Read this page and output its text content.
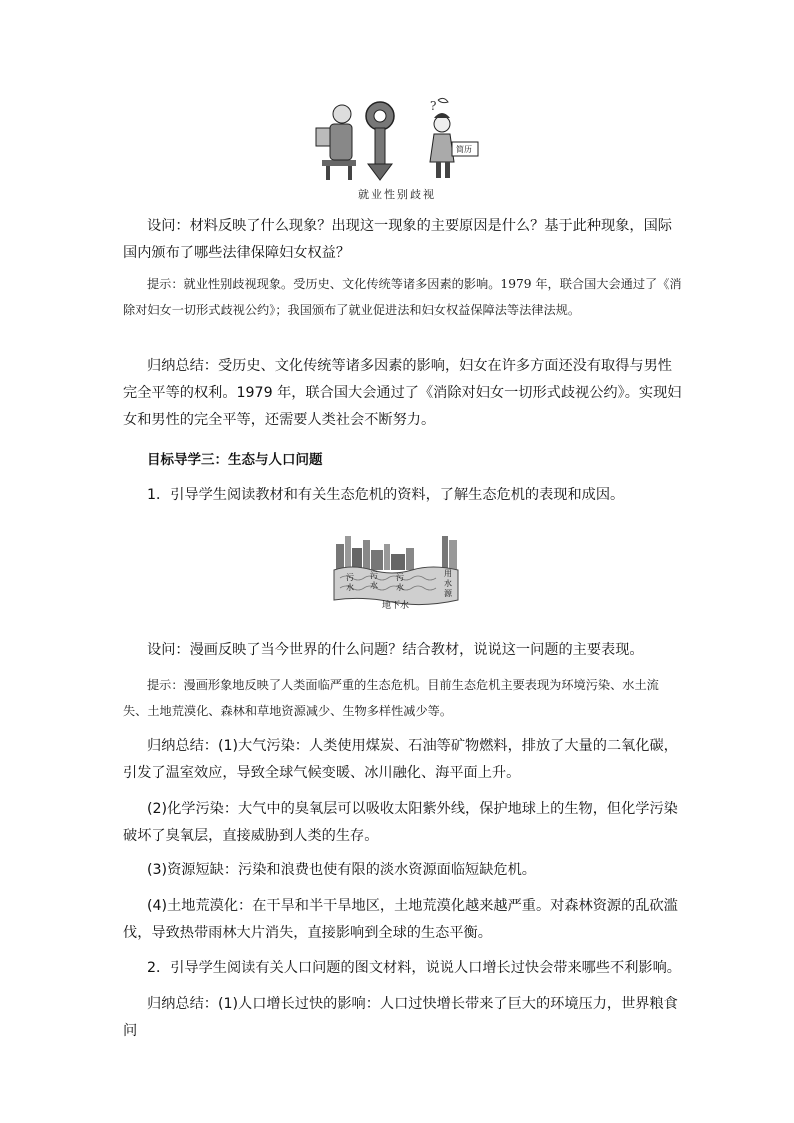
?
简历
就业性别歧视

设问：材料反映了什么现象？出现这一现象的主要原因是什么？基于此种现象，国际国内颁布了哪些法律保障妇女权益？

提示：就业性别歧视现象。受历史、文化传统等诸多因素的影响。1979 年，联合国大会通过了《消除对妇女一切形式歧视公约》；我国颁布了就业促进法和妇女权益保障法等法律法规。

归纳总结：受历史、文化传统等诸多因素的影响，妇女在许多方面还没有取得与男性完全平等的权利。1979 年，联合国大会通过了《消除对妇女一切形式歧视公约》。实现妇女和男性的完全平等，还需要人类社会不断努力。

目标导学三：生态与人口问题

1．引导学生阅读教材和有关生态危机的资料，了解生态危机的表现和成因。

污
水
污
水
污
水
用
水
源
地下水

设问：漫画反映了当今世界的什么问题？结合教材，说说这一问题的主要表现。

提示：漫画形象地反映了人类面临严重的生态危机。目前生态危机主要表现为环境污染、水土流失、土地荒漠化、森林和草地资源减少、生物多样性减少等。

归纳总结：(1)大气污染：人类使用煤炭、石油等矿物燃料，排放了大量的二氧化碳，引发了温室效应，导致全球气候变暖、冰川融化、海平面上升。

(2)化学污染：大气中的臭氧层可以吸收太阳紫外线，保护地球上的生物，但化学污染破坏了臭氧层，直接威胁到人类的生存。

(3)资源短缺：污染和浪费也使有限的淡水资源面临短缺危机。

(4)土地荒漠化：在干旱和半干旱地区，土地荒漠化越来越严重。对森林资源的乱砍滥伐，导致热带雨林大片消失，直接影响到全球的生态平衡。

2．引导学生阅读有关人口问题的图文材料，说说人口增长过快会带来哪些不利影响。

归纳总结：(1)人口增长过快的影响：人口过快增长带来了巨大的环境压力，世界粮食问
